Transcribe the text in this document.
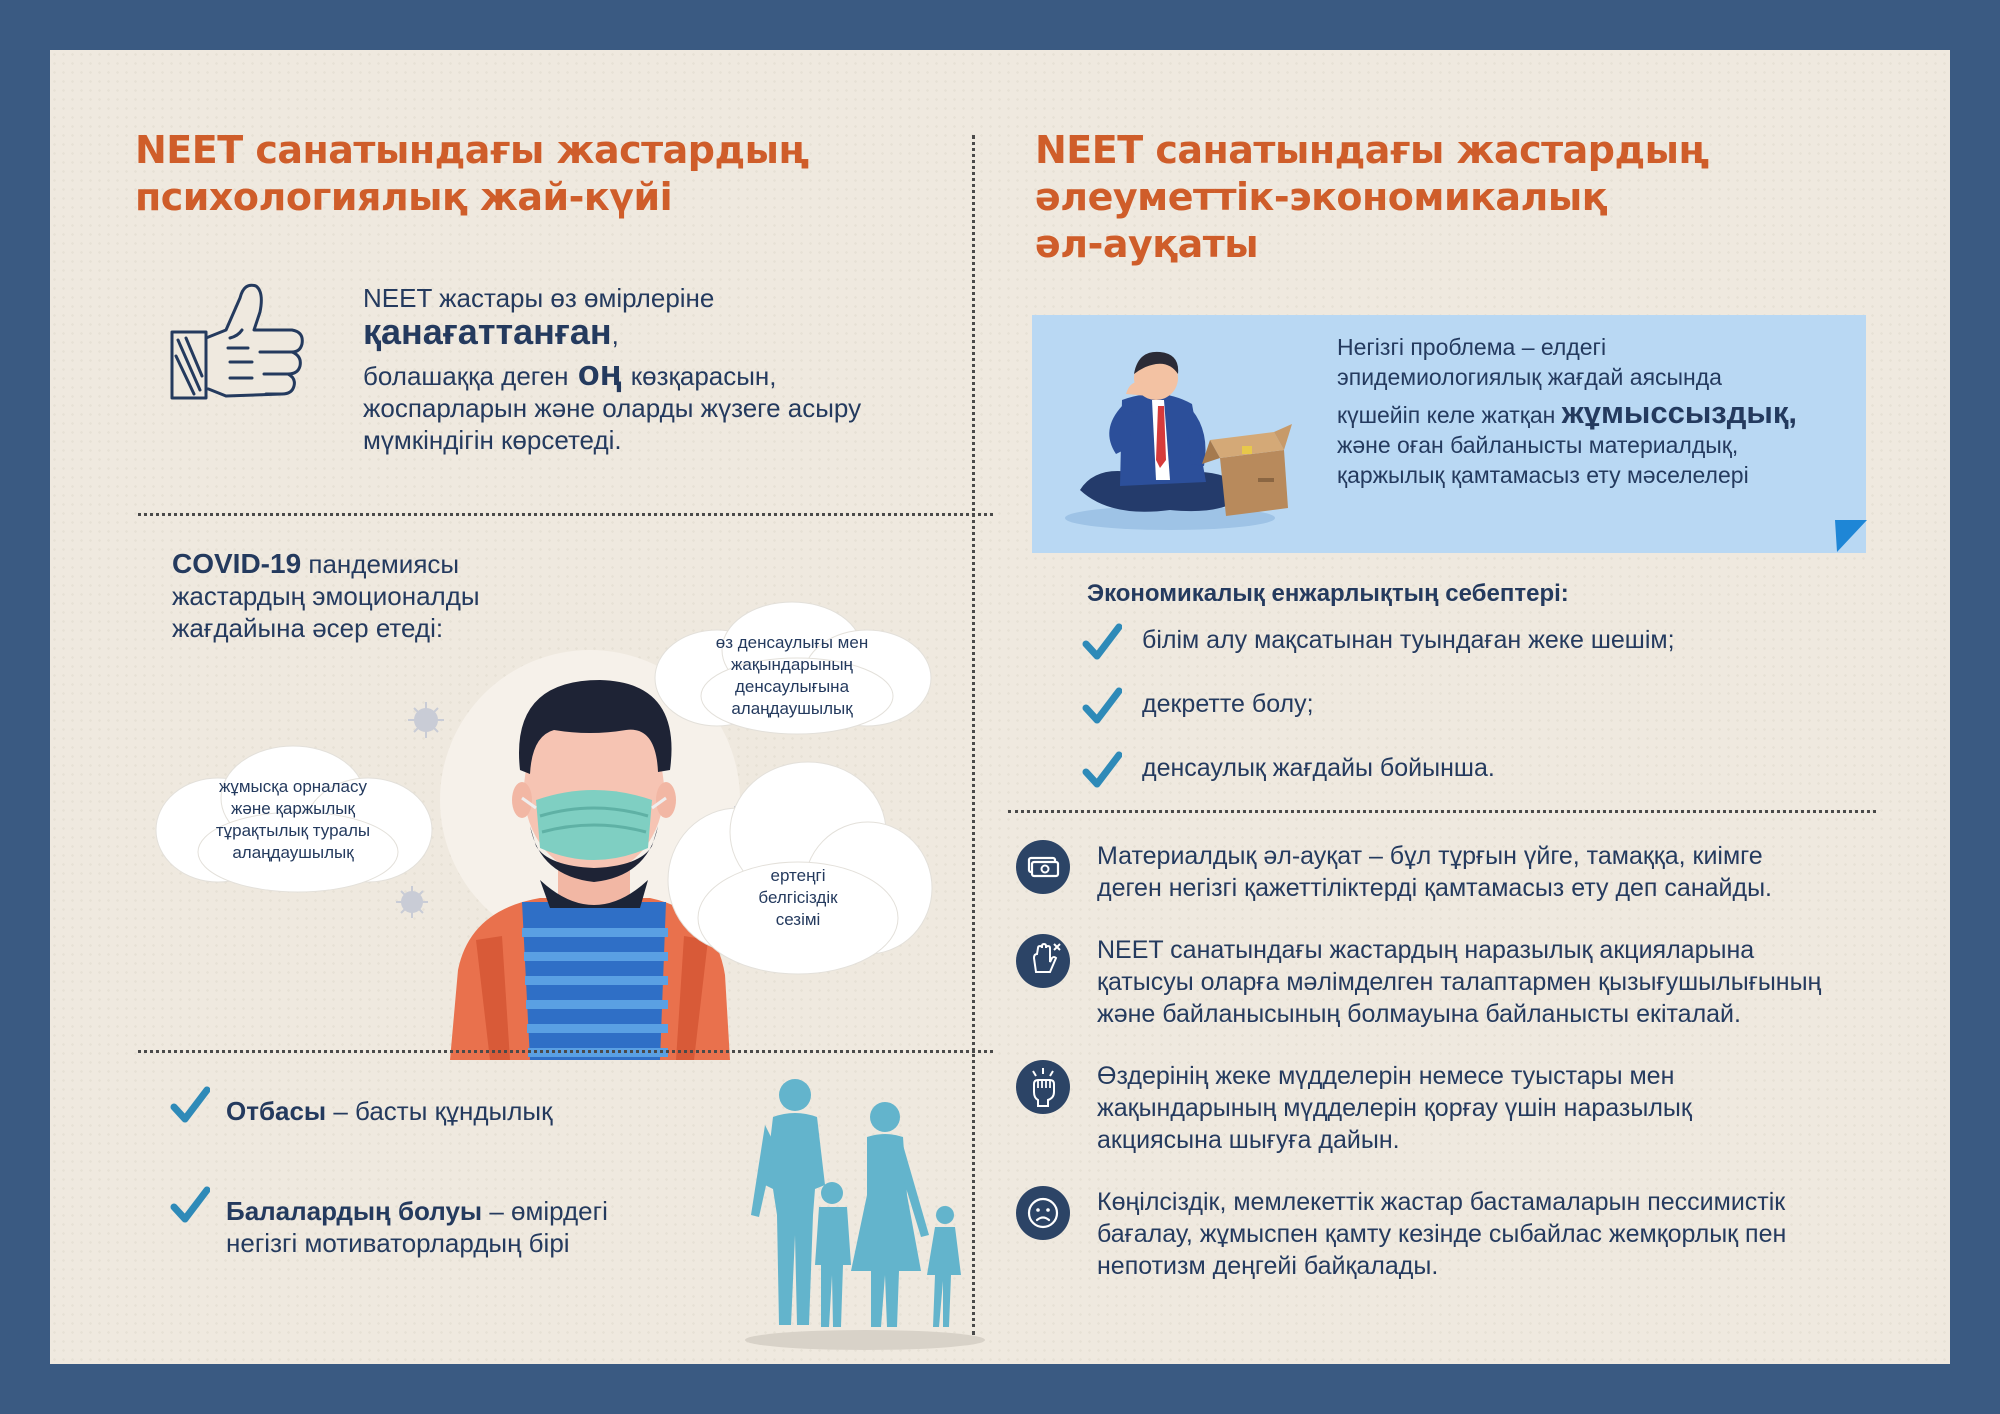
NEET санатындағы жастардың
психологиялық жай-күйі
NEET жастары өз өмірлеріне
қанағаттанған,
болашаққа деген оң көзқарасын,
жоспарларын және оларды жүзеге асыру
мүмкіндігін көрсетеді.
COVID-19 пандемиясы
жастардың эмоционалды
жағдайына әсер етеді:	өз денсаулығы мен
жақындарының
денсаулығына
алаңдаушылық
жұмысқа орналасу
және қаржылық
тұрақтылық туралы
алаңдаушылық
ертеңгі
белгісіздік
сезімі
Отбасы – басты құндылық
Балалардың болуы – өмірдегі
негізгі мотиваторлардың бірі
NEET санатындағы жастардың
әлеуметтік-экономикалық
әл-ауқаты
Негізгі проблема – елдегі
эпидемиологиялық жағдай аясында
күшейіп келе жатқан жұмыссыздық,
және оған байланысты материалдық,
қаржылық қамтамасыз ету мәселелері
Экономикалық енжарлықтың себептері:
білім алу мақсатынан туындаған жеке шешім;
декретте болу;
денсаулық жағдайы бойынша.
Материалдық әл-ауқат – бұл тұрғын үйге, тамаққа, киімге
деген негізгі қажеттіліктерді қамтамасыз ету деп санайды.
NEET санатындағы жастардың наразылық акцияларына
қатысуы оларға мәлімделген талаптармен қызығушылығының
және байланысының болмауына байланысты екіталай.
Өздерінің жеке мүдделерін немесе туыстары мен
жақындарының мүдделерін қорғау үшін наразылық
акциясына шығуға дайын.
Көңілсіздік, мемлекеттік жастар бастамаларын пессимистік
бағалау, жұмыспен қамту кезінде сыбайлас жемқорлық пен
непотизм деңгейі байқалады.
